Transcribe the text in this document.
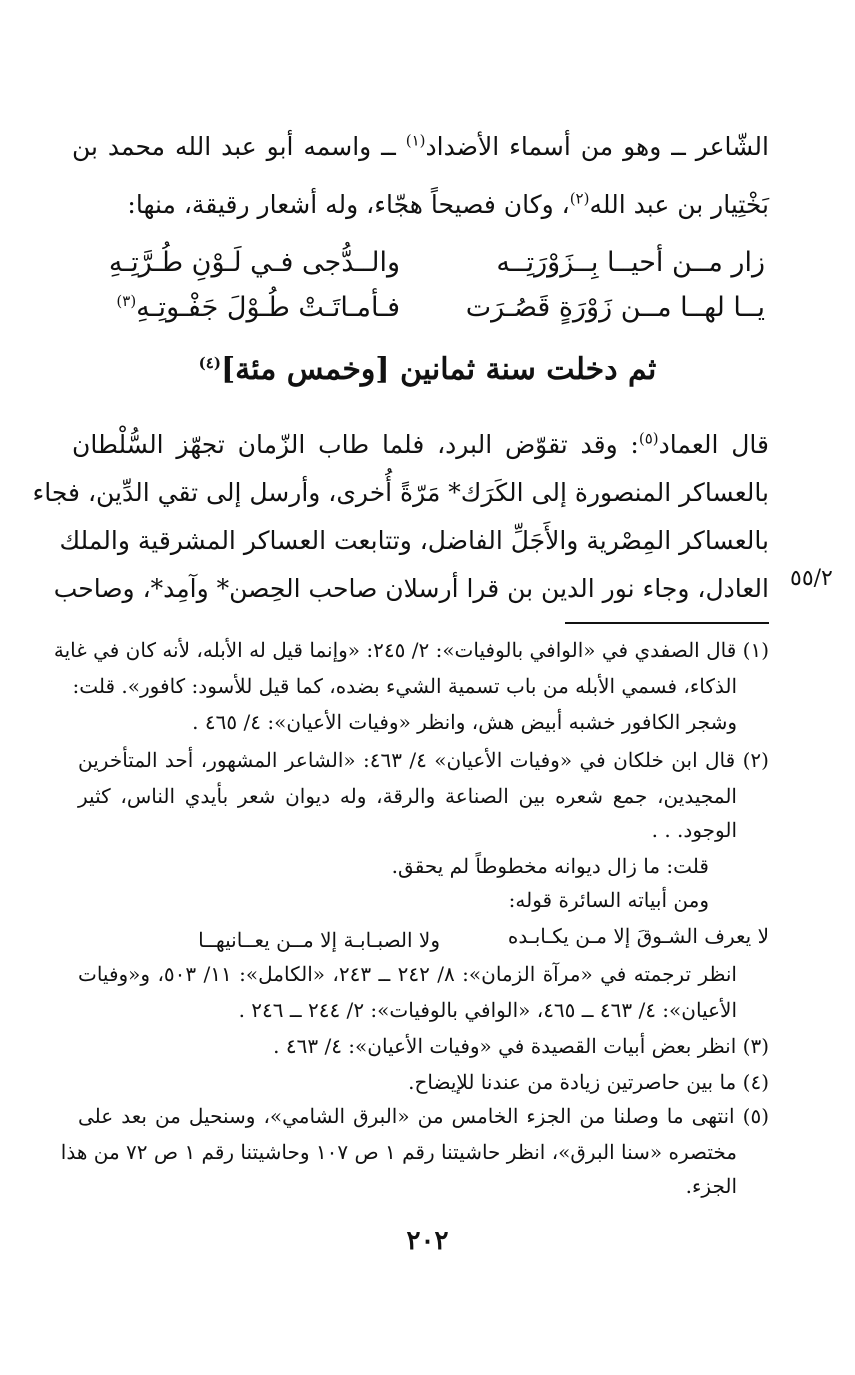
الشّاعر ــ وهو من أسماء الأضداد$^{(١)}$ ــ واسمه أبو عبد الله محمد بن
بَخْتِيار بن عبد الله$^{(٢)}$، وكان فصيحاً هجّاء، وله أشعار رقيقة، منها:
زار مــن أحيــا بِــزَوْرَتِــه
والــدُّجى فـي لَـوْنِ طُـرَّتِـهِ
يــا لهــا مــن زَوْرَةٍ قَصُـرَت
فـأمـاتَـتْ طُـوْلَ جَفْـوتِـهِ$^{(٣)}$
ثم دخلت سنة ثمانين [وخمس مئة]$^{(٤)}$
قال العماد$^{(٥)}$: وقد تقوّض البرد، فلما طاب الزّمان تجهّز السُّلْطان
بالعساكر المنصورة إلى الكَرَك* مَرّةً أُخرى، وأرسل إلى تقي الدِّين، فجاء
بالعساكر المِصْرية والأَجَلِّ الفاضل، وتتابعت العساكر المشرقية والملك
العادل، وجاء نور الدين بن قرا أرسلان صاحب الحِصن* وآمِد*، وصاحب ٥٥/٢
(١) قال الصفدي في «الوافي بالوفيات»: ٢/ ٢٤٥: «وإنما قيل له الأبله، لأنه كان في غاية
الذكاء، فسمي الأبله من باب تسمية الشيء بضده، كما قيل للأسود: كافور». قلت:
وشجر الكافور خشبه أبيض هش، وانظر «وفيات الأعيان»: ٤/ ٤٦٥ .
(٢) قال ابن خلكان في «وفيات الأعيان» ٤/ ٤٦٣: «الشاعر المشهور، أحد المتأخرين
المجيدين، جمع شعره بين الصناعة والرقة، وله ديوان شعر بأيدي الناس، كثير
الوجود. . .
قلت: ما زال ديوانه مخطوطاً لم يحقق.
ومن أبياته السائرة قوله:
لا يعرف الشـوقَ إلا مـن يكـابـده
ولا الصبـابـة إلا مــن يعــانيهــا
انظر ترجمته في «مرآة الزمان»: ٨/ ٢٤٢ ــ ٢٤٣، «الكامل»: ١١/ ٥٠٣، و«وفيات
الأعيان»: ٤/ ٤٦٣ ــ ٤٦٥، «الوافي بالوفيات»: ٢/ ٢٤٤ ــ ٢٤٦ .
(٣) انظر بعض أبيات القصيدة في «وفيات الأعيان»: ٤/ ٤٦٣ .
(٤) ما بين حاصرتين زيادة من عندنا للإيضاح.
(٥) انتهى ما وصلنا من الجزء الخامس من «البرق الشامي»، وسنحيل من بعد على
مختصره «سنا البرق»، انظر حاشيتنا رقم ١ ص ١٠٧ وحاشيتنا رقم ١ ص ٧٢ من هذا
الجزء.
٢٠٢
